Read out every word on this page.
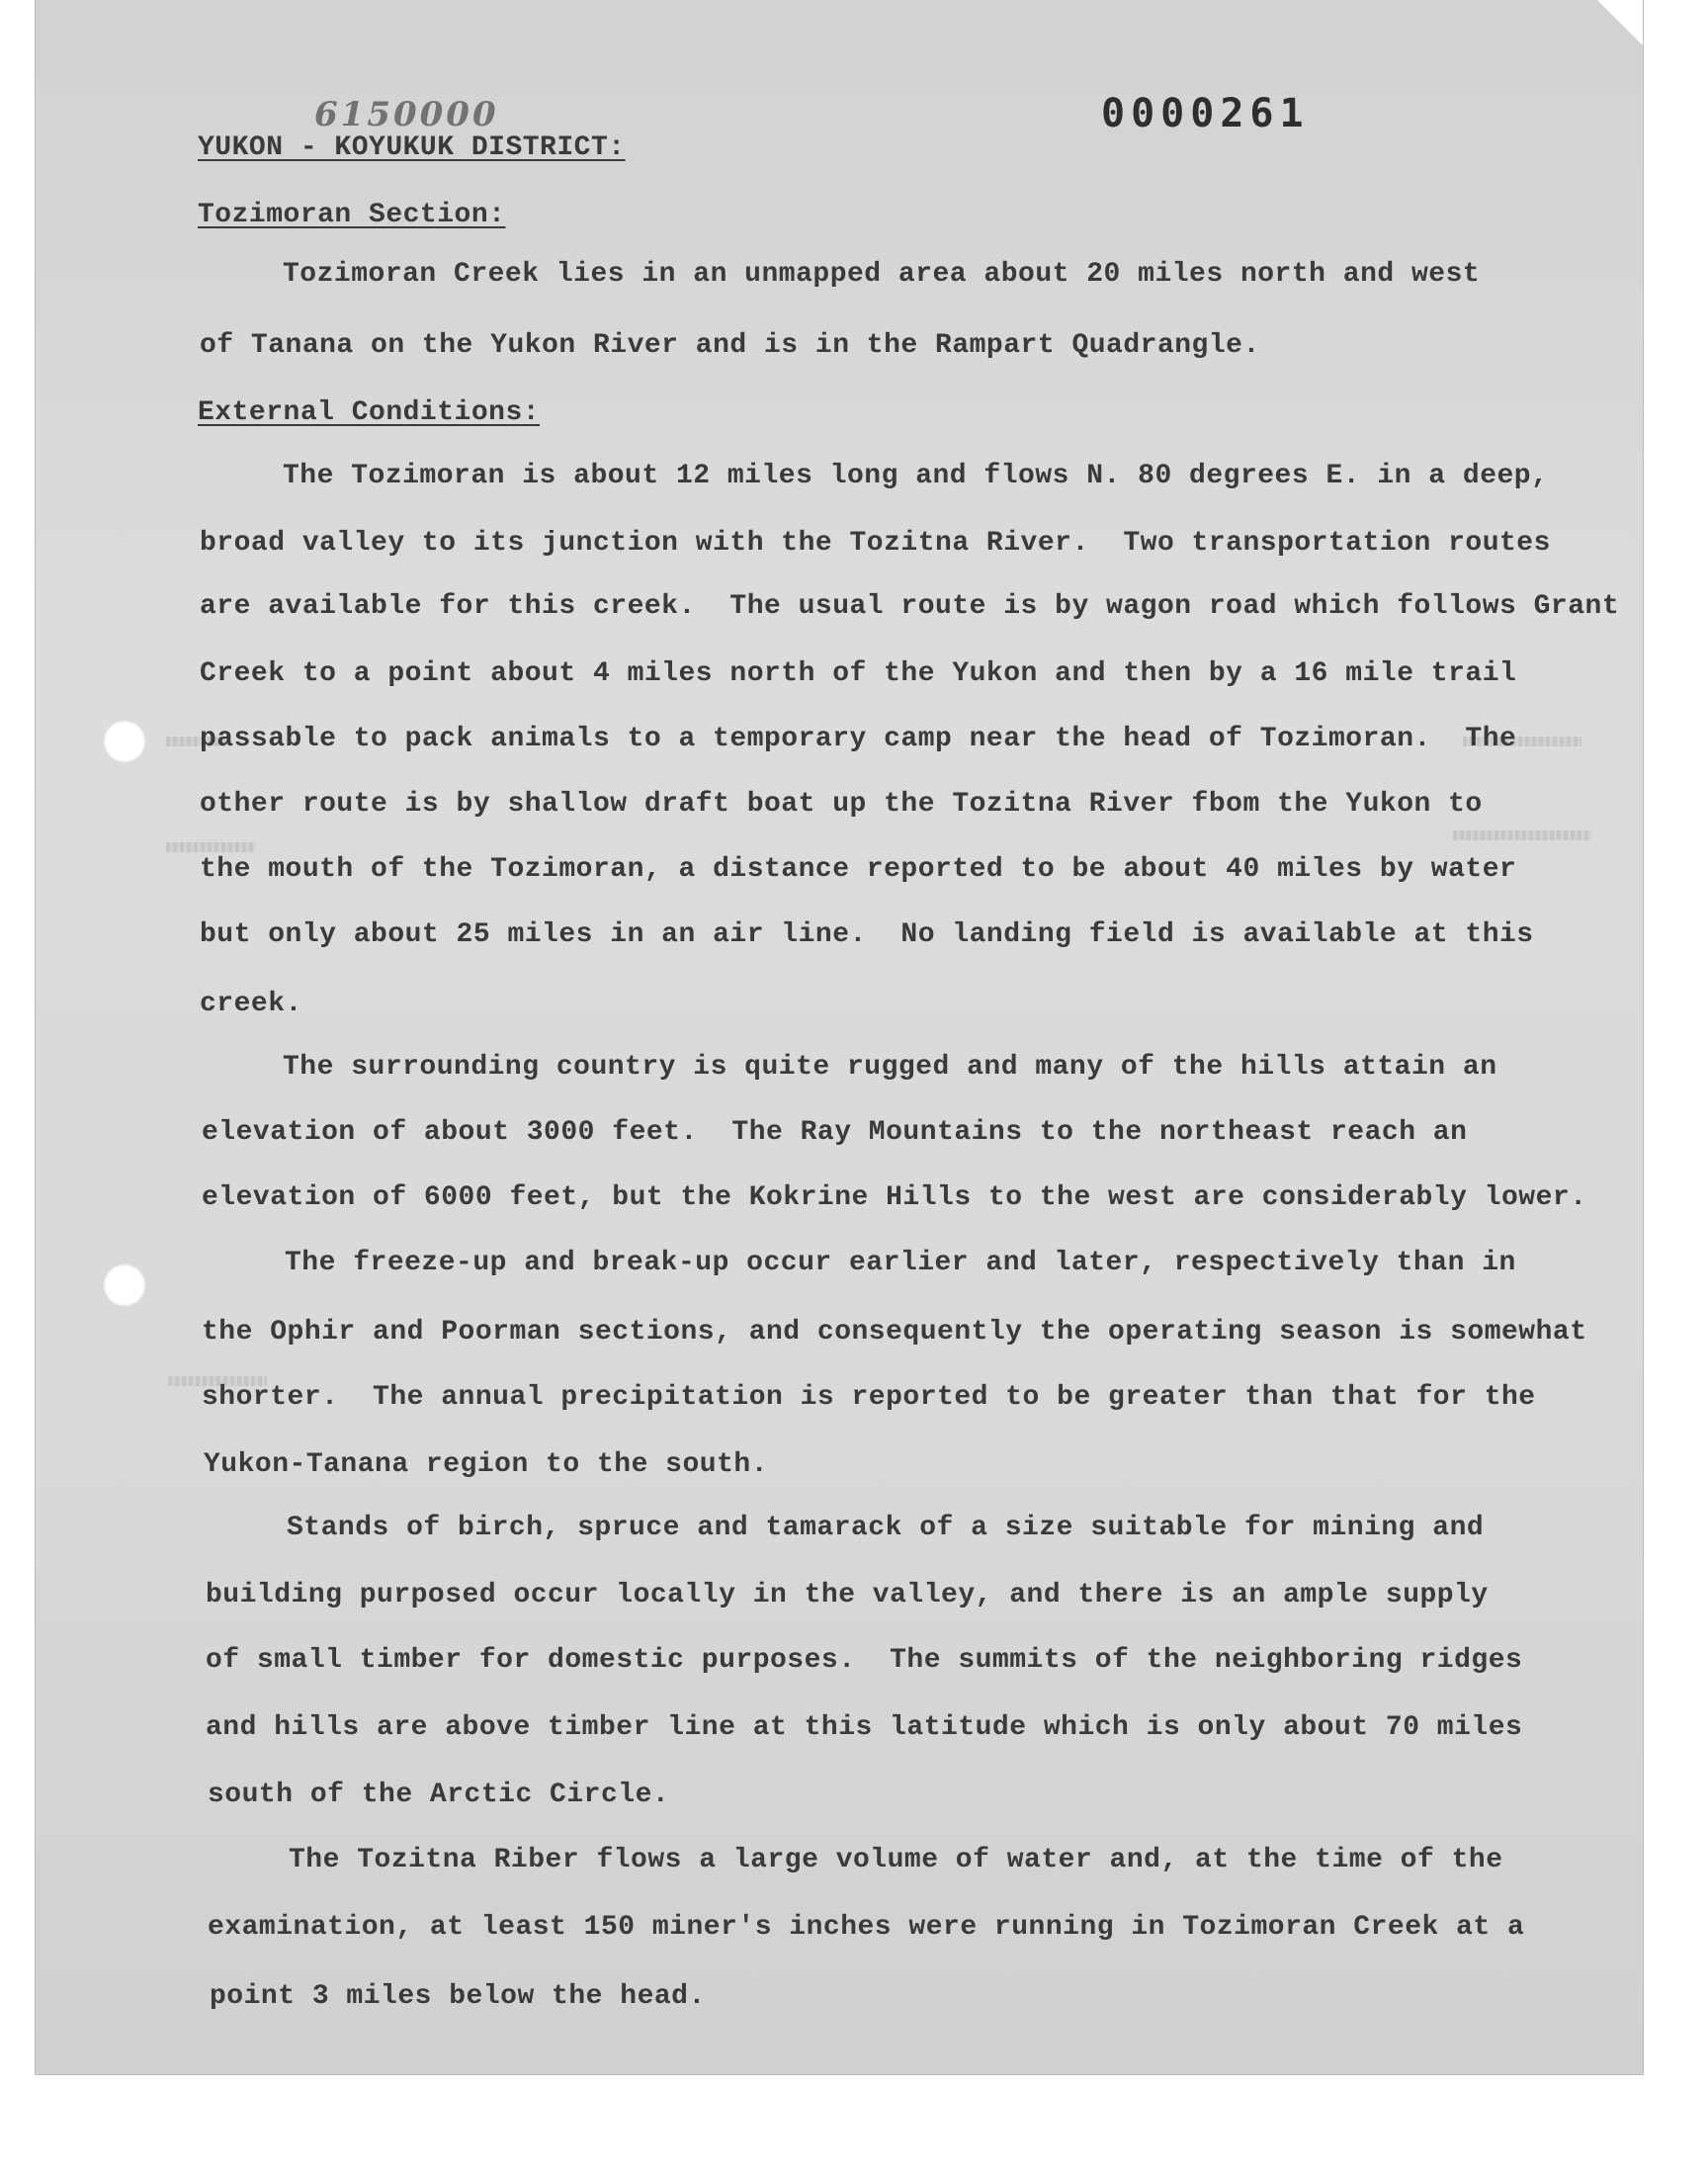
0000261
6150000
YUKON - KOYUKUK DISTRICT:
Tozimoran Section:
Tozimoran Creek lies in an unmapped area about 20 miles north and west
of Tanana on the Yukon River and is in the Rampart Quadrangle.
External Conditions:
The Tozimoran is about 12 miles long and flows N. 80 degrees E. in a deep,
broad valley to its junction with the Tozitna River.  Two transportation routes
are available for this creek.  The usual route is by wagon road which follows Grant
Creek to a point about 4 miles north of the Yukon and then by a 16 mile trail
passable to pack animals to a temporary camp near the head of Tozimoran.  The
other route is by shallow draft boat up the Tozitna River fbom the Yukon to
the mouth of the Tozimoran, a distance reported to be about 40 miles by water
but only about 25 miles in an air line.  No landing field is available at this
creek.
The surrounding country is quite rugged and many of the hills attain an
elevation of about 3000 feet.  The Ray Mountains to the northeast reach an
elevation of 6000 feet, but the Kokrine Hills to the west are considerably lower.
The freeze-up and break-up occur earlier and later, respectively than in
the Ophir and Poorman sections, and consequently the operating season is somewhat
shorter.  The annual precipitation is reported to be greater than that for the
Yukon-Tanana region to the south.
Stands of birch, spruce and tamarack of a size suitable for mining and
building purposed occur locally in the valley, and there is an ample supply
of small timber for domestic purposes.  The summits of the neighboring ridges
and hills are above timber line at this latitude which is only about 70 miles
south of the Arctic Circle.
The Tozitna Riber flows a large volume of water and, at the time of the
examination, at least 150 miner's inches were running in Tozimoran Creek at a
point 3 miles below the head.
